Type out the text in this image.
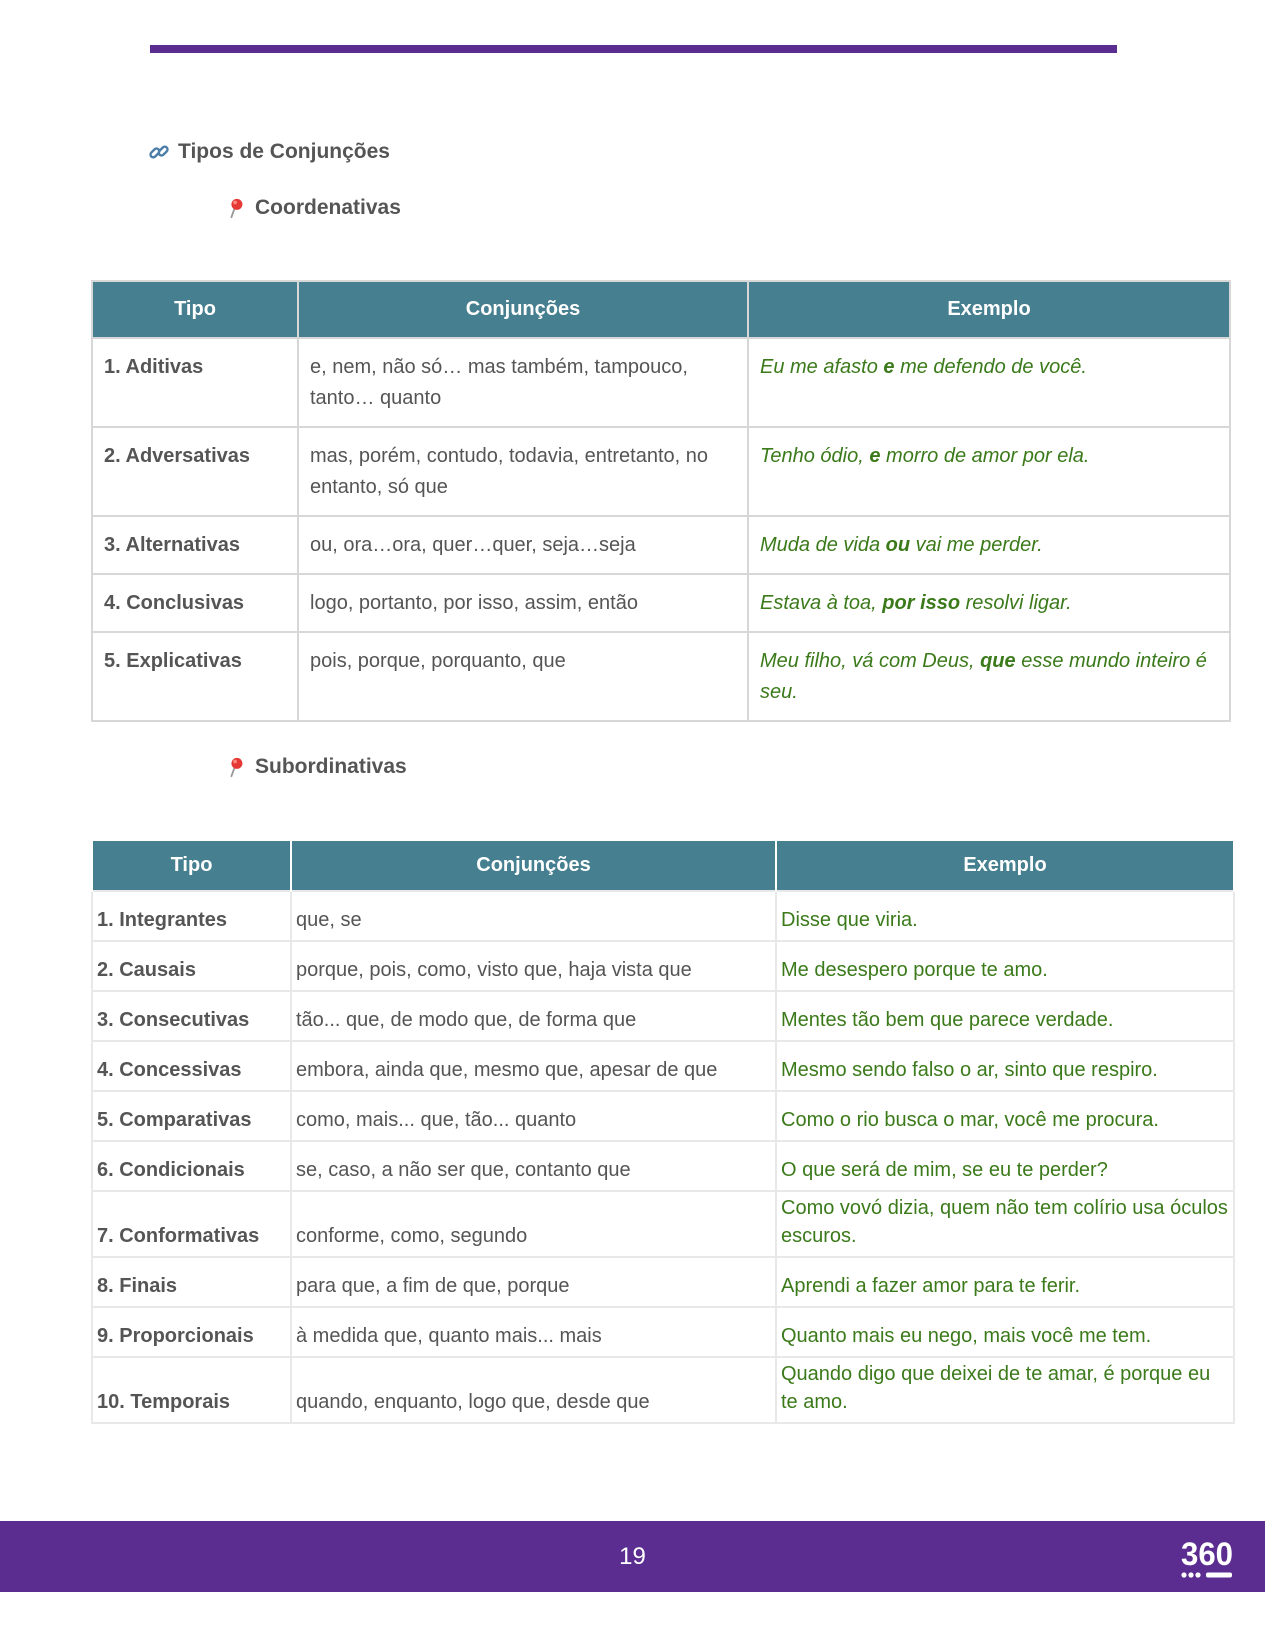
Tipos de Conjunções
Coordenativas
Tipo	Conjunções	Exemplo
1. Aditivas	e, nem, não só… mas também, tampouco, tanto… quanto	Eu me afasto e me defendo de você.
2. Adversativas	mas, porém, contudo, todavia, entretanto, no entanto, só que	Tenho ódio, e morro de amor por ela.
3. Alternativas	ou, ora…ora, quer…quer, seja…seja	Muda de vida ou vai me perder.
4. Conclusivas	logo, portanto, por isso, assim, então	Estava à toa, por isso resolvi ligar.
5. Explicativas	pois, porque, porquanto, que	Meu filho, vá com Deus, que esse mundo inteiro é seu.
Subordinativas
Tipo	Conjunções	Exemplo
1. Integrantes	que, se	Disse que viria.
2. Causais	porque, pois, como, visto que, haja vista que	Me desespero porque te amo.
3. Consecutivas	tão... que, de modo que, de forma que	Mentes tão bem que parece verdade.
4. Concessivas	embora, ainda que, mesmo que, apesar de que	Mesmo sendo falso o ar, sinto que respiro.
5. Comparativas	como, mais... que, tão... quanto	Como o rio busca o mar, você me procura.
6. Condicionais	se, caso, a não ser que, contanto que	O que será de mim, se eu te perder?
7. Conformativas	conforme, como, segundo	Como vovó dizia, quem não tem colírio usa óculos escuros.
8. Finais	para que, a fim de que, porque	Aprendi a fazer amor para te ferir.
9. Proporcionais	à medida que, quanto mais... mais	Quanto mais eu nego, mais você me tem.
10. Temporais	quando, enquanto, logo que, desde que	Quando digo que deixei de te amar, é porque eu te amo.
19	360
